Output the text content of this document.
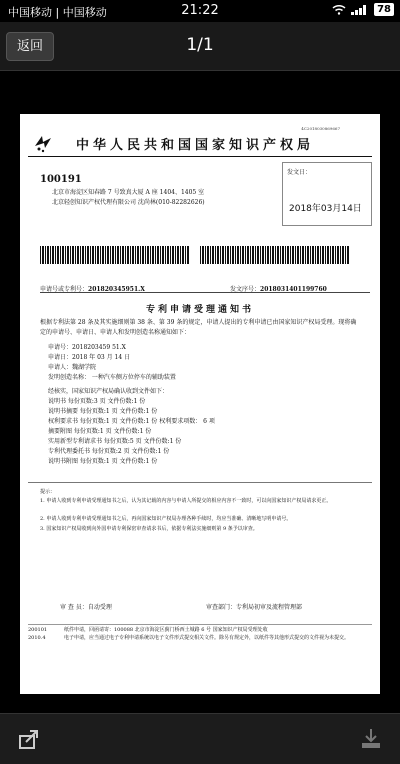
中国移动 | 中国移动	21:22	78
返回	1/1
4C2018030869667
中华人民共和国国家知识产权局
100191
北京市海淀区知春路 7 号致真大厦 A 座 1404、1405 室
北京轻创知识产权代理有限公司 沈尚林(010-82282626)
发文日：
2018年03月14日
申请号或专利号：201820345951.X	发文序号：2018031401199760
专利申请受理通知书
根据专利法第 28 条及其实施细则第 38 条、第 39 条的规定，申请人提出的专利申请已由国家知识产权局受理。现将确定的申请号、申请日、申请人和发明创造名称通知如下：
申请号：2018203459 51.X
申请日：2018 年 03 月 14 日
申请人：魏湖学院
发明创造名称： 一种汽车侧方位停车的辅助装置
经核实，国家知识产权局确认收到文件如下：
说明书 每份页数:3 页 文件份数:1 份
说明书摘要 每份页数:1 页 文件份数:1 份
权利要求书 每份页数:1 页 文件份数:1 份 权利要求项数： 6 项
摘要附图 每份页数:1 页 文件份数:1 份
实用新型专利请求书 每份页数:5 页 文件份数:1 份
专利代理委托书 每份页数:2 页 文件份数:1 份
说明书附图 每份页数:1 页 文件份数:1 份
提示：
1. 申请人收到专利申请受理通知书之后，认为其记载的内容与申请人所提交的相应内容不一致时，可以向国家知识产权局请求更正。
2. 申请人收到专利申请受理通知书之后，再向国家知识产权局办理各种手续时，均应当准确、清晰地写明申请号。
3. 国家知识产权局收到向外国申请专利保密审查请求书后，依据专利法实施细则第 9 条予以审查。
审 查 员：自动受理	审查部门：专利局初审及流程管理部
200101	纸件申请，回函请寄：100088 北京市海淀区蓟门桥西土城路 6 号 国家知识产权局受理处收
2010.4	电子申请，应当通过电子专利申请系统以电子文件形式提交相关文件。除另有规定外，以纸件等其他形式提交的文件视为未提交。
